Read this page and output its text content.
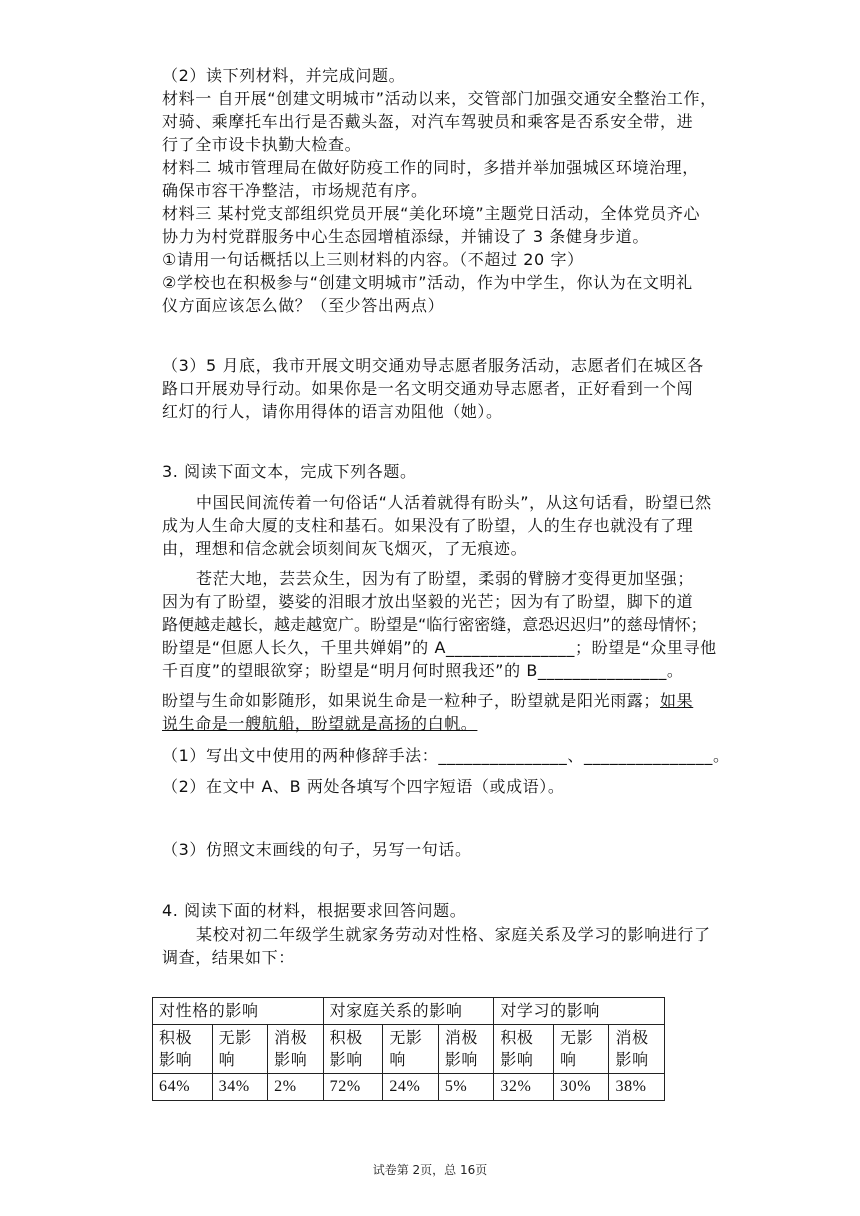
（2）读下列材料，并完成问题。
材料一 自开展“创建文明城市”活动以来，交管部门加强交通安全整治工作，
对骑、乘摩托车出行是否戴头盔，对汽车驾驶员和乘客是否系安全带，进
行了全市设卡执勤大检查。
材料二 城市管理局在做好防疫工作的同时，多措并举加强城区环境治理，
确保市容干净整洁，市场规范有序。
材料三 某村党支部组织党员开展“美化环境”主题党日活动，全体党员齐心
协力为村党群服务中心生态园增植添绿，并铺设了 3 条健身步道。
①请用一句话概括以上三则材料的内容。（不超过 20 字）
②学校也在积极参与“创建文明城市”活动，作为中学生，你认为在文明礼
仪方面应该怎么做？（至少答出两点）
（3）5 月底，我市开展文明交通劝导志愿者服务活动，志愿者们在城区各
路口开展劝导行动。如果你是一名文明交通劝导志愿者，正好看到一个闯
红灯的行人，请你用得体的语言劝阻他（她）。
3. 阅读下面文本，完成下列各题。
中国民间流传着一句俗话“人活着就得有盼头”，从这句话看，盼望已然
成为人生命大厦的支柱和基石。如果没有了盼望，人的生存也就没有了理
由，理想和信念就会顷刻间灰飞烟灭，了无痕迹。
苍茫大地，芸芸众生，因为有了盼望，柔弱的臂膀才变得更加坚强；
因为有了盼望，婆娑的泪眼才放出坚毅的光芒；因为有了盼望，脚下的道
路便越走越长，越走越宽广。盼望是“临行密密缝，意恐迟迟归”的慈母情怀；
盼望是“但愿人长久，千里共婵娟”的 A_______________；盼望是“众里寻他
千百度”的望眼欲穿；盼望是“明月何时照我还”的 B_______________。
盼望与生命如影随形，如果说生命是一粒种子，盼望就是阳光雨露；如果
说生命是一艘航船，盼望就是高扬的白帆。
（1）写出文中使用的两种修辞手法：_______________、_______________。
（2）在文中 A、B 两处各填写个四字短语（或成语）。
（3）仿照文末画线的句子，另写一句话。
4. 阅读下面的材料，根据要求回答问题。
某校对初二年级学生就家务劳动对性格、家庭关系及学习的影响进行了
调查，结果如下：
对性格的影响			对家庭关系的影响			对学习的影响		
积极影响	无影响	消极影响	积极影响	无影响	消极影响	积极影响	无影响	消极影响
64%	34%	2%	72%	24%	5%	32%	30%	38%
试卷第 2页，总 16页
